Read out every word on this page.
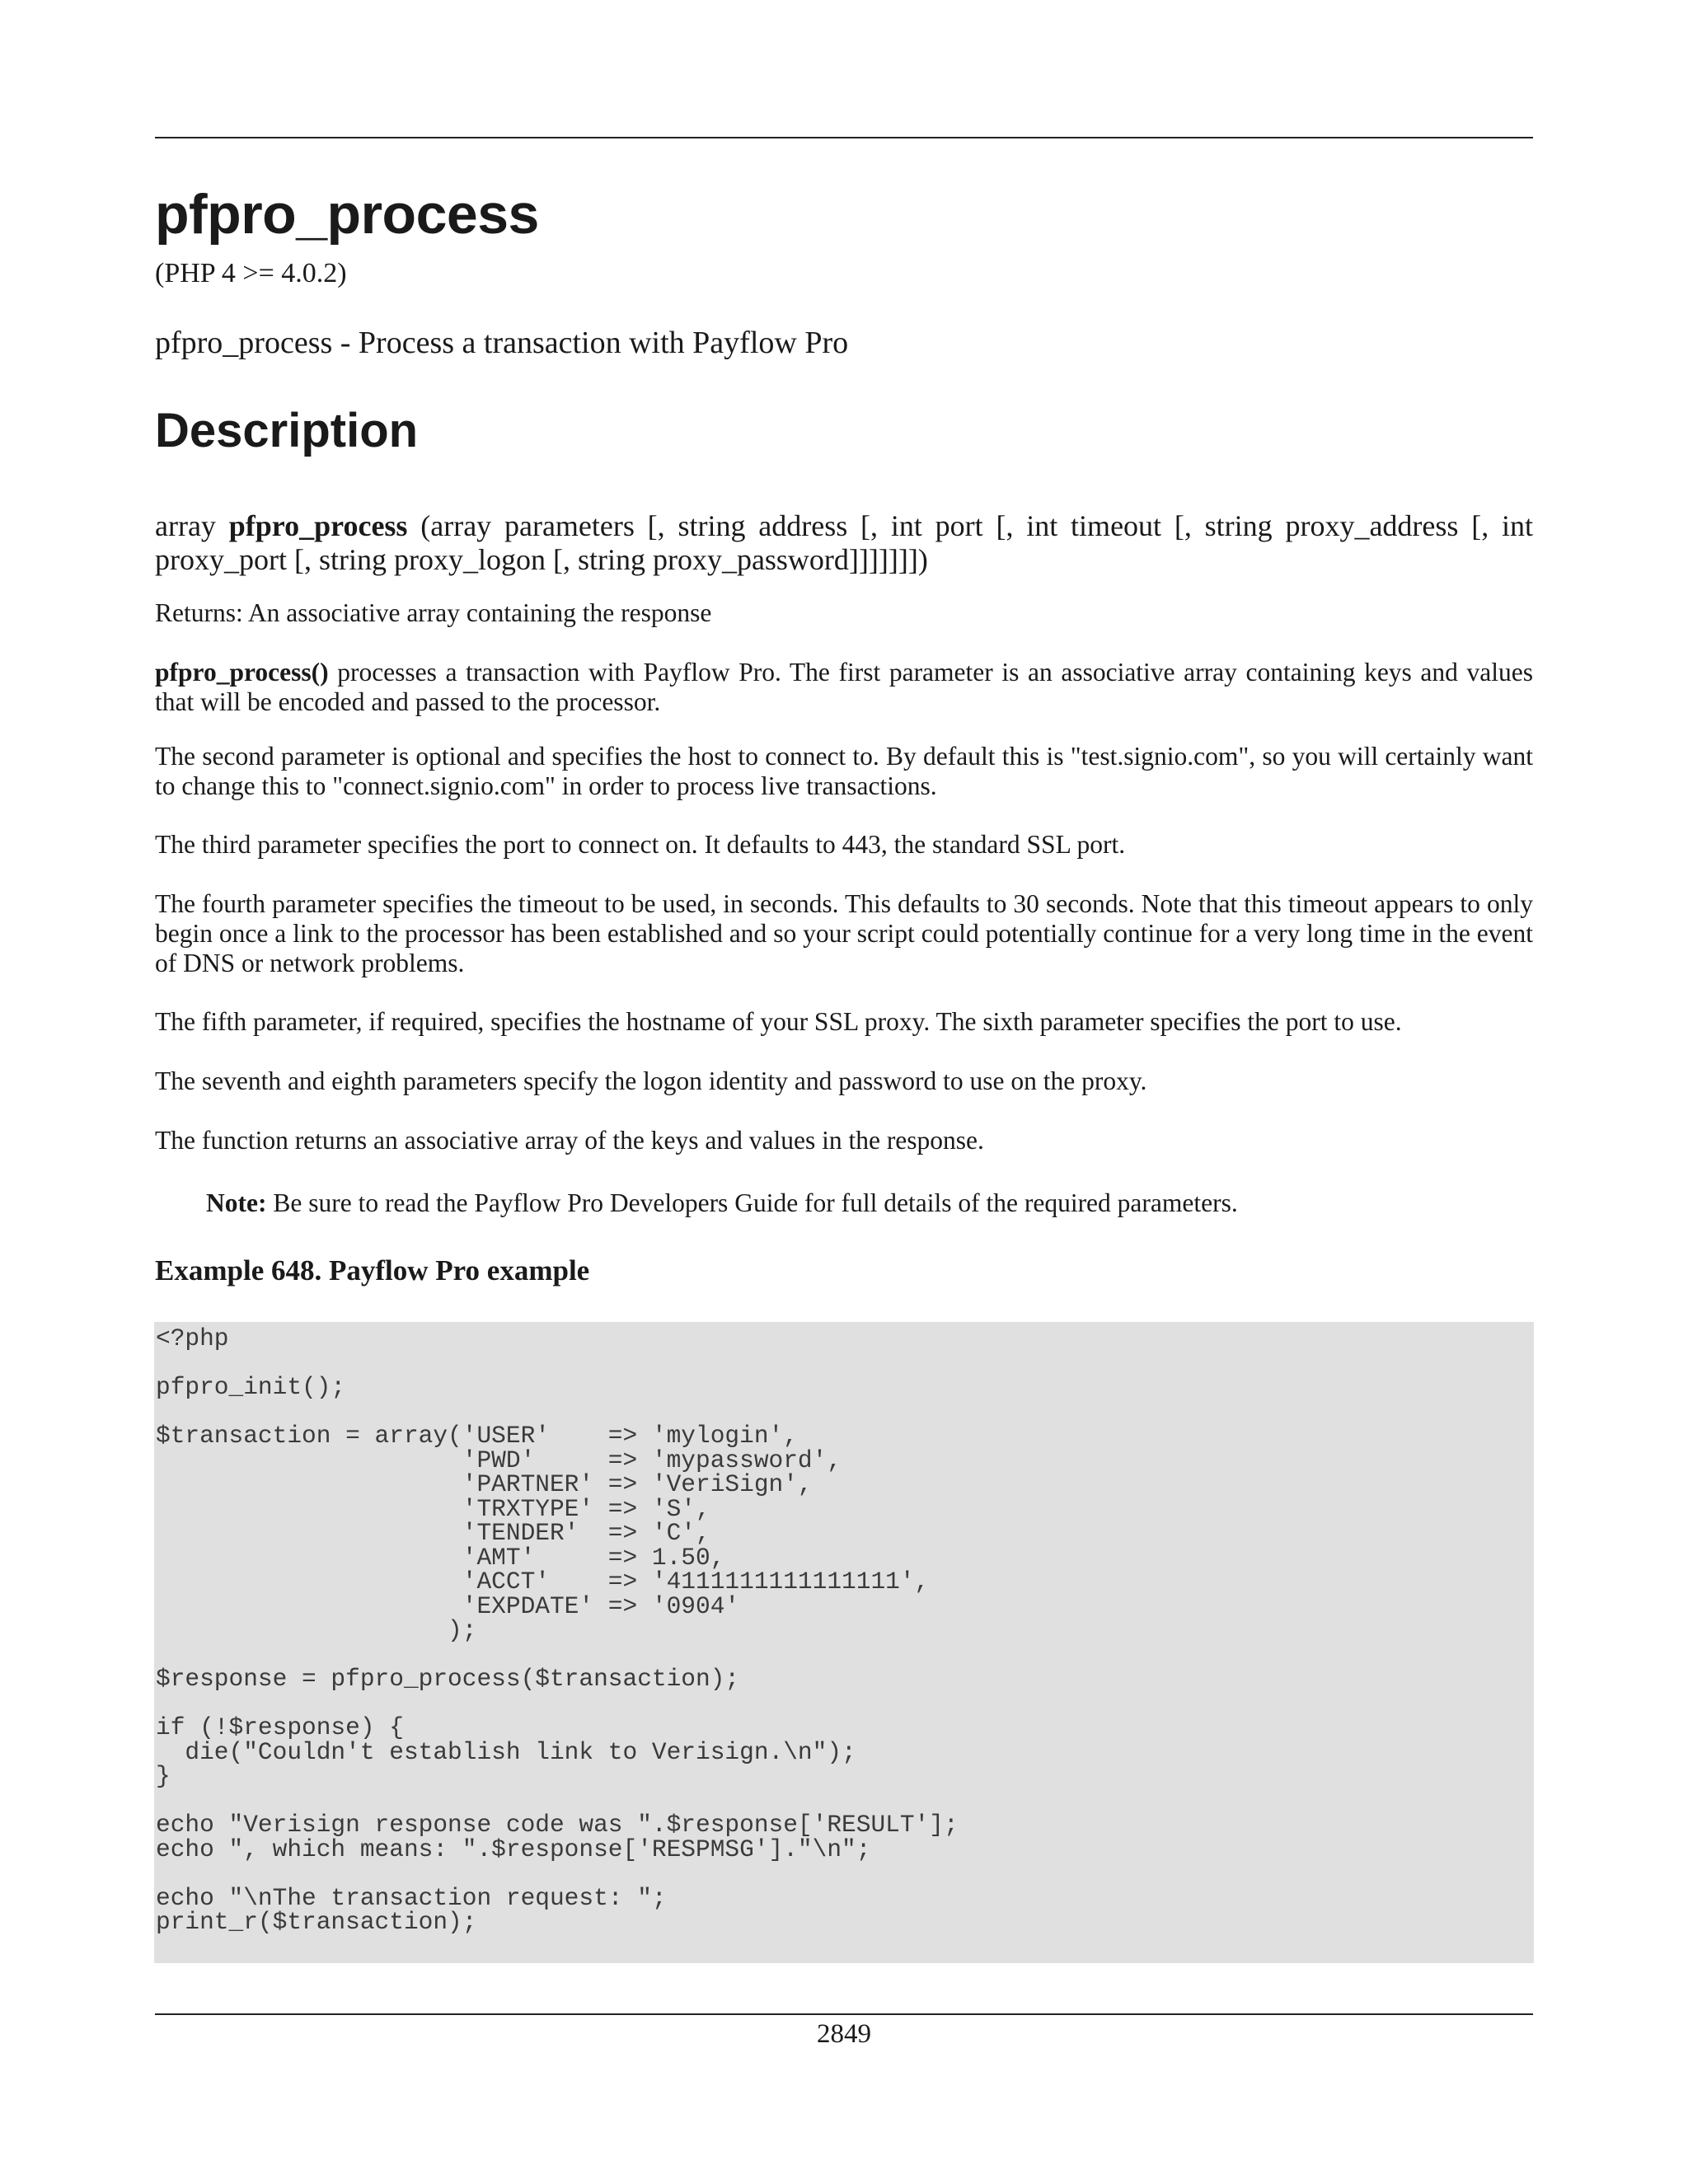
pfpro_process
(PHP 4 >= 4.0.2)
pfpro_process - Process a transaction with Payflow Pro
Description

array pfpro_process (array parameters [, string address [, int port [, int timeout [, string proxy_address [, int proxy_port [, string proxy_logon [, string proxy_password]]]]]]])

Returns: An associative array containing the response

pfpro_process() processes a transaction with Payflow Pro. The first parameter is an associative array containing keys and values that will be encoded and passed to the processor.

The second parameter is optional and specifies the host to connect to. By default this is "test.signio.com", so you will certainly want to change this to "connect.signio.com" in order to process live transactions.

The third parameter specifies the port to connect on. It defaults to 443, the standard SSL port.

The fourth parameter specifies the timeout to be used, in seconds. This defaults to 30 seconds. Note that this timeout appears to only begin once a link to the processor has been established and so your script could potentially continue for a very long time in the event of DNS or network problems.

The fifth parameter, if required, specifies the hostname of your SSL proxy. The sixth parameter specifies the port to use.

The seventh and eighth parameters specify the logon identity and password to use on the proxy.

The function returns an associative array of the keys and values in the response.

Note: Be sure to read the Payflow Pro Developers Guide for full details of the required parameters.

Example 648. Payflow Pro example

<?php

pfpro_init();

$transaction = array('USER'    => 'mylogin',
'PWD'     => 'mypassword',
'PARTNER' => 'VeriSign',
'TRXTYPE' => 'S',
'TENDER'  => 'C',
'AMT'     => 1.50,
'ACCT'    => '4111111111111111',
'EXPDATE' => '0904'
);

$response = pfpro_process($transaction);

if (!$response) {
die("Couldn't establish link to Verisign.\n");
}

echo "Verisign response code was ".$response['RESULT'];
echo ", which means: ".$response['RESPMSG']."\n";

echo "\nThe transaction request: ";
print_r($transaction);
2849
